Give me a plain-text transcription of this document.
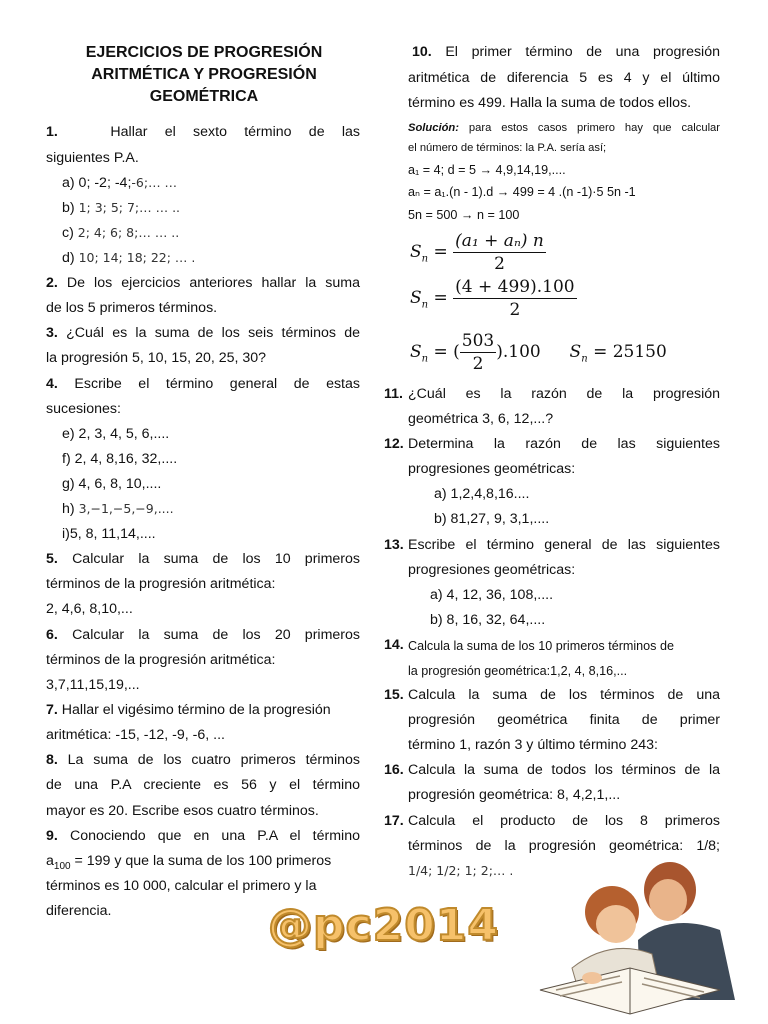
EJERCICIOS DE PROGRESIÓN
ARITMÉTICA Y PROGRESIÓN
GEOMÉTRICA
1.	Hallar el sexto término de las
siguientes P.A.
a) 0; -2; -4;-6;… …
b) 1; 3; 5; 7;… … ..
c) 2; 4; 6; 8;… … ..
d) 10; 14; 18; 22; … .
2. De los ejercicios anteriores hallar la suma
de los 5 primeros términos.
3. ¿Cuál es la suma de los seis términos de
la progresión 5, 10, 15, 20, 25, 30?
4. Escribe el término general de estas
sucesiones:
e) 2, 3, 4, 5, 6,....
f) 2, 4, 8,16, 32,....
g) 4, 6, 8, 10,....
h) 3,−1,−5,−9,....
i)5, 8, 11,14,....
5. Calcular la suma de los 10 primeros
términos de la progresión aritmética:
2, 4,6, 8,10,...
6. Calcular la suma de los 20 primeros
términos de la progresión aritmética:
3,7,11,15,19,...
7. Hallar el vigésimo término de la progresión
aritmética: -15, -12, -9, -6, ...
8. La suma de los cuatro primeros términos
de una P.A creciente es 56 y el término
mayor es 20. Escribe esos cuatro términos.
9. Conociendo que en una P.A el término
$a_{100} = 199$ y que la suma de los 100 primeros
términos es 10 000, calcular el primero y la
diferencia.
10. El primer término de una progresión
aritmética de diferencia 5 es 4 y el último
término es 499. Halla la suma de todos ellos.
Solución: para estos casos primero hay que calcular
el número de términos: la P.A. sería así;
a₁ = 4; d = 5 → 4,9,14,19,....
aₙ = a₁.(n - 1).d → 499 = 4 .(n -1)·5 5n -1
5n = 500 → n = 100
$S_n = \frac{\text{(a₁ + aₙ) n}}{2}$
$S_n = \frac{(4 + 499).100}{2}$
$S_n$ = ( $\frac{503}{2} ).100$ $S_n = 25150$
11. ¿Cuál es la razón de la progresión
geométrica 3, 6, 12,...?
12. Determina la razón de las siguientes
progresiones geométricas:
a) 1,2,4,8,16....
b) 81,27, 9, 3,1,....
13. Escribe el término general de las siguientes
progresiones geométricas:
a) 4, 12, 36, 108,....
b) 8, 16, 32, 64,....
14. Calcula la suma de los 10 primeros términos de
la progresión geométrica:1,2, 4, 8,16,...
15. Calcula la suma de los términos de una
progresión geométrica finita de primer
término 1, razón 3 y último término 243:
16. Calcula la suma de todos los términos de la
progresión geométrica: 8, 4,2,1,...
17. Calcula el producto de los 8 primeros
términos de la progresión geométrica: 1/8;
1/4; 1/2; 1; 2;… .
@pc2014
